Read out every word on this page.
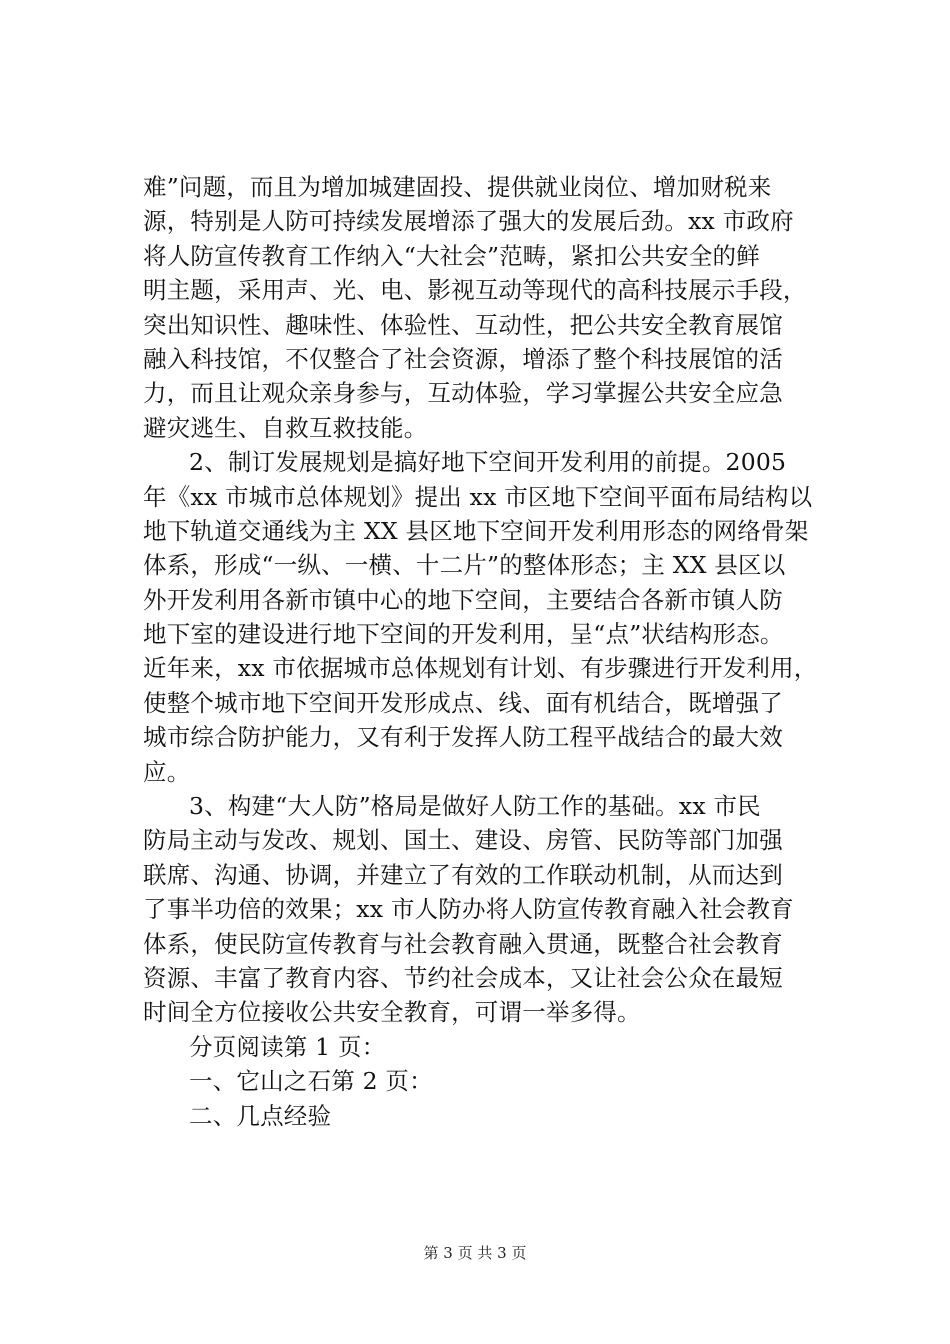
难”问题，而且为增加城建固投、提供就业岗位、增加财税来
源，特别是人防可持续发展增添了强大的发展后劲。xx 市政府
将人防宣传教育工作纳入“大社会”范畴，紧扣公共安全的鲜
明主题，采用声、光、电、影视互动等现代的高科技展示手段，
突出知识性、趣味性、体验性、互动性，把公共安全教育展馆
融入科技馆，不仅整合了社会资源，增添了整个科技展馆的活
力，而且让观众亲身参与，互动体验，学习掌握公共安全应急
避灾逃生、自救互救技能。
2、制订发展规划是搞好地下空间开发利用的前提。2005
年《xx 市城市总体规划》提出 xx 市区地下空间平面布局结构以
地下轨道交通线为主 XX 县区地下空间开发利用形态的网络骨架
体系，形成“一纵、一横、十二片”的整体形态；主 XX 县区以
外开发利用各新市镇中心的地下空间，主要结合各新市镇人防
地下室的建设进行地下空间的开发利用，呈“点”状结构形态。
近年来，xx 市依据城市总体规划有计划、有步骤进行开发利用，
使整个城市地下空间开发形成点、线、面有机结合，既增强了
城市综合防护能力，又有利于发挥人防工程平战结合的最大效
应。
3、构建“大人防”格局是做好人防工作的基础。xx 市民
防局主动与发改、规划、国土、建设、房管、民防等部门加强
联席、沟通、协调，并建立了有效的工作联动机制，从而达到
了事半功倍的效果；xx 市人防办将人防宣传教育融入社会教育
体系，使民防宣传教育与社会教育融入贯通，既整合社会教育
资源、丰富了教育内容、节约社会成本，又让社会公众在最短
时间全方位接收公共安全教育，可谓一举多得。
分页阅读第 1 页：
一、它山之石第 2 页：
二、几点经验
第 3 页 共 3 页
